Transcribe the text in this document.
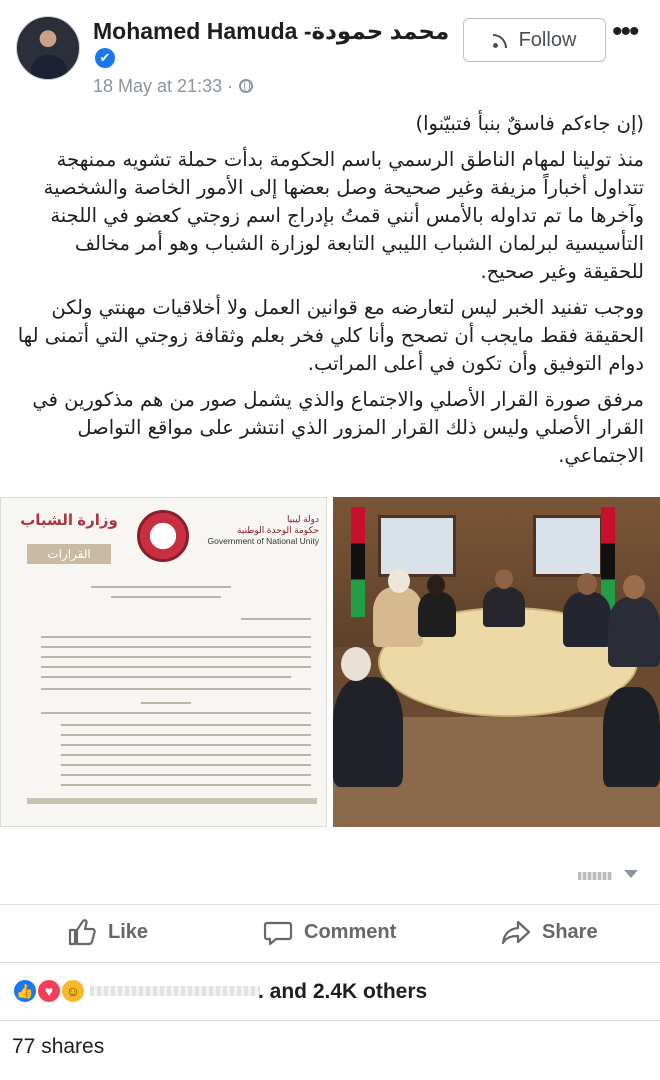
Mohamed Hamuda -محمد حمودة
✔
18 May at 21:33 ·
Follow •••

(إن جاءكم فاسقٌ بنبأ فتبيّنوا)

منذ تولينا لمهام الناطق الرسمي باسم الحكومة بدأت حملة تشويه ممنهجة تتداول أخباراً مزيفة وغير صحيحة وصل بعضها إلى الأمور الخاصة والشخصية وآخرها ما تم تداوله بالأمس أنني قمتُ بإدراج اسم زوجتي كعضو في اللجنة التأسيسية لبرلمان الشباب الليبي التابعة لوزارة الشباب وهو أمر مخالف للحقيقة وغير صحيح.

ووجب تفنيد الخبر ليس لتعارضه مع قوانين العمل ولا أخلاقيات مهنتي ولكن الحقيقة فقط مايجب أن تصحح وأنا كلي فخر بعلم وثقافة زوجتي التي أتمنى لها دوام التوفيق وأن تكون في أعلى المراتب.

مرفق صورة القرار الأصلي والاجتماع والذي يشمل صور من هم مذكورين في القرار الأصلي وليس ذلك القرار المزور الذي انتشر على مواقع التواصل الاجتماعي.

وزارة الشباب
القرارات
دولة ليبيا
حكومة الوحدة الوطنية
Government of National Unity
Like	Comment	Share
👍 ♥ ☺	. and 2.4K others
77 shares
